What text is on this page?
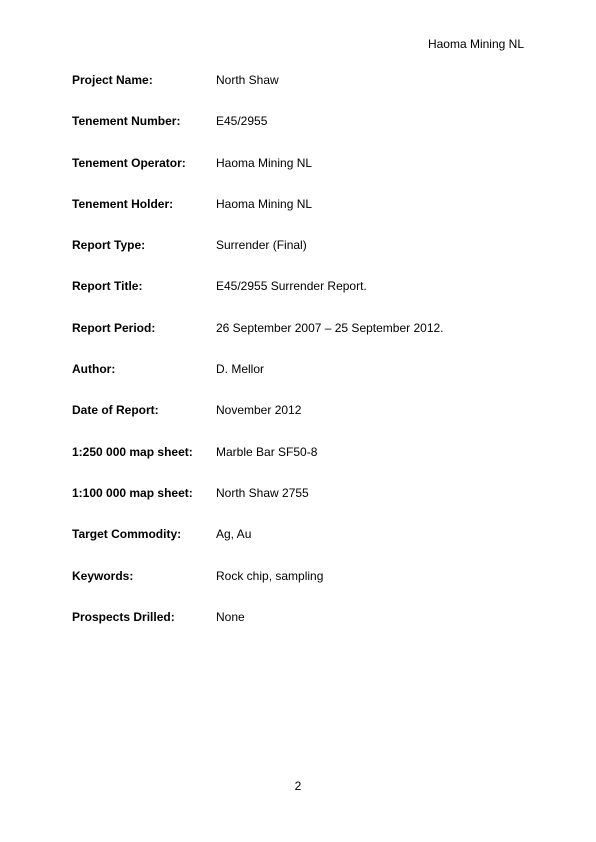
Haoma Mining NL
Project Name:	North Shaw
Tenement Number:	E45/2955
Tenement Operator:	Haoma Mining NL
Tenement Holder:	Haoma Mining NL
Report Type:	Surrender (Final)
Report Title:	E45/2955 Surrender Report.
Report Period:	26 September 2007 – 25 September 2012.
Author:	D. Mellor
Date of Report:	November 2012
1:250 000 map sheet:	Marble Bar SF50-8
1:100 000 map sheet:	North Shaw 2755
Target Commodity:	Ag, Au
Keywords:	Rock chip, sampling
Prospects Drilled:	None
2
